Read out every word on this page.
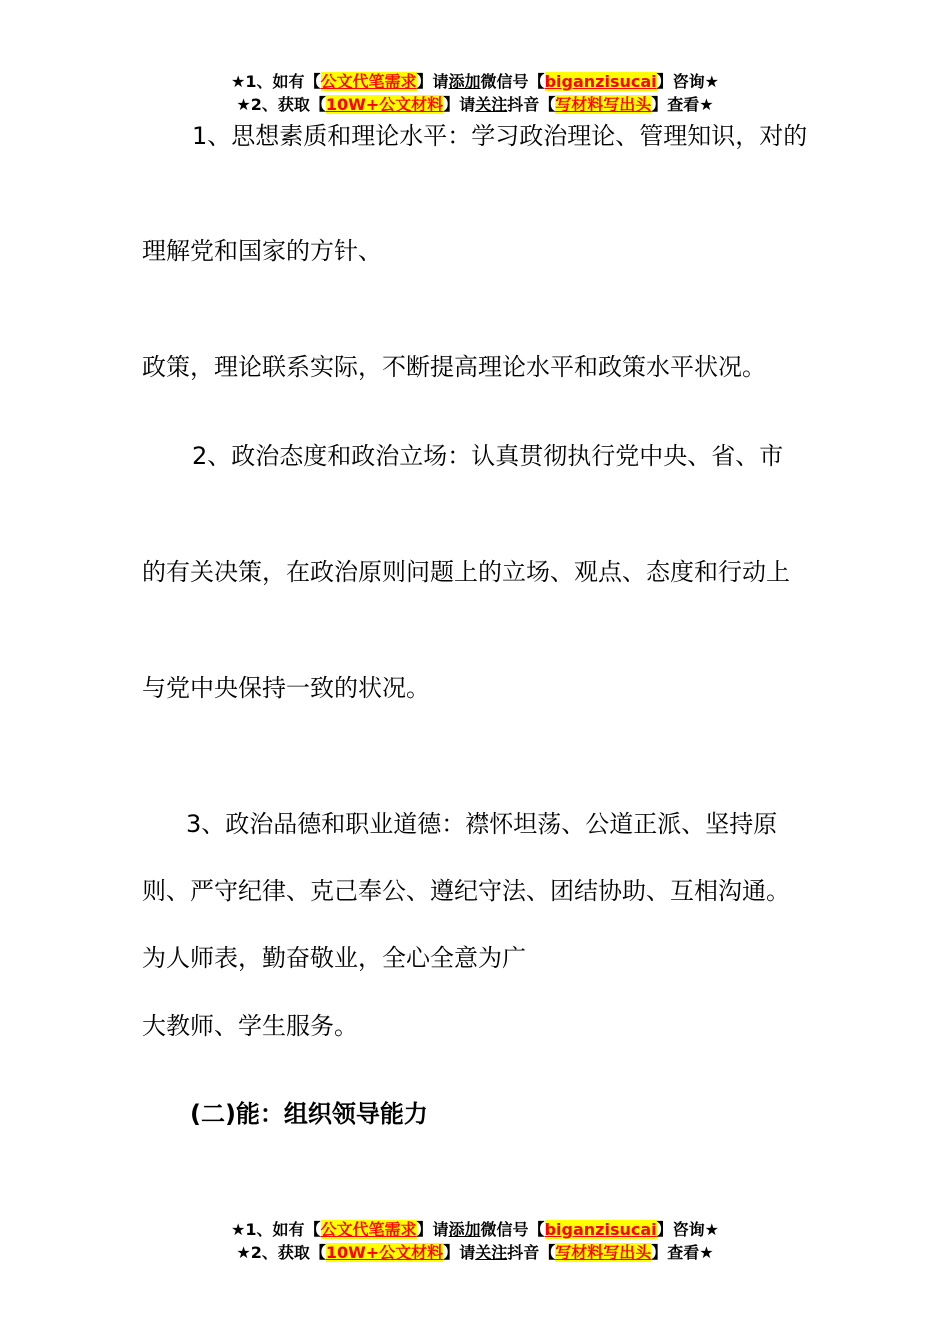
★1、如有【公文代笔需求】请添加微信号【biganzisucai】咨询★
★2、获取【10W+公文材料】请关注抖音【写材料写出头】查看★
1、思想素质和理论水平：学习政治理论、管理知识，对的
理解党和国家的方针、
政策，理论联系实际，不断提高理论水平和政策水平状况。
2、政治态度和政治立场：认真贯彻执行党中央、省、市
的有关决策，在政治原则问题上的立场、观点、态度和行动上
与党中央保持一致的状况。
3、政治品德和职业道德：襟怀坦荡、公道正派、坚持原
则、严守纪律、克己奉公、遵纪守法、团结协助、互相沟通。
为人师表，勤奋敬业，全心全意为广
大教师、学生服务。
(二)能：组织领导能力
★1、如有【公文代笔需求】请添加微信号【biganzisucai】咨询★
★2、获取【10W+公文材料】请关注抖音【写材料写出头】查看★
